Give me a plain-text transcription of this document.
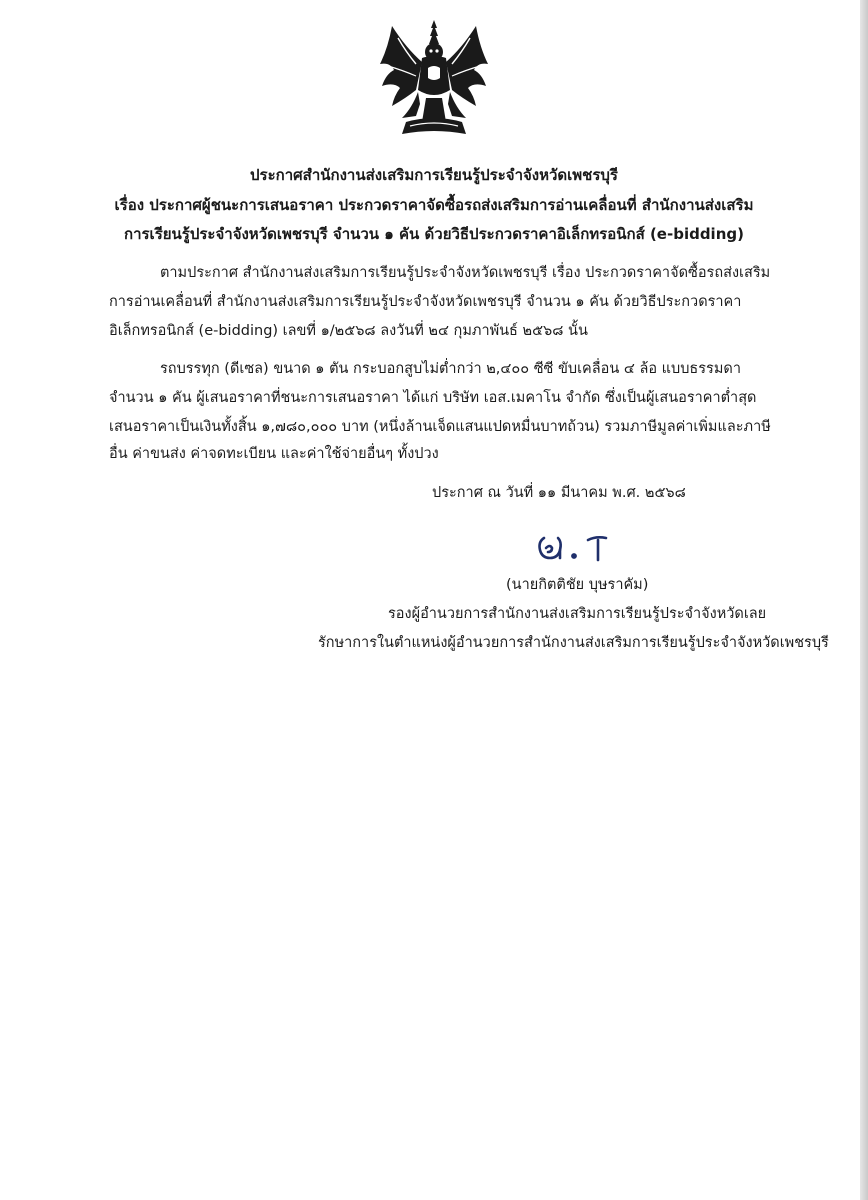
ประกาศสำนักงานส่งเสริมการเรียนรู้ประจำจังหวัดเพชรบุรี
เรื่อง ประกาศผู้ชนะการเสนอราคา ประกวดราคาจัดซื้อรถส่งเสริมการอ่านเคลื่อนที่ สำนักงานส่งเสริม
การเรียนรู้ประจำจังหวัดเพชรบุรี จำนวน ๑ คัน ด้วยวิธีประกวดราคาอิเล็กทรอนิกส์ (e-bidding)
ตามประกาศ สำนักงานส่งเสริมการเรียนรู้ประจำจังหวัดเพชรบุรี เรื่อง ประกวดราคาจัดซื้อรถส่งเสริม
การอ่านเคลื่อนที่ สำนักงานส่งเสริมการเรียนรู้ประจำจังหวัดเพชรบุรี จำนวน ๑ คัน ด้วยวิธีประกวดราคา
อิเล็กทรอนิกส์ (e-bidding) เลขที่ ๑/๒๕๖๘ ลงวันที่ ๒๔ กุมภาพันธ์ ๒๕๖๘ นั้น
รถบรรทุก (ดีเซล) ขนาด ๑ ตัน กระบอกสูบไม่ต่ำกว่า ๒,๔๐๐ ซีซี ขับเคลื่อน ๔ ล้อ แบบธรรมดา
จำนวน ๑ คัน ผู้เสนอราคาที่ชนะการเสนอราคา ได้แก่ บริษัท เอส.เมคาโน จำกัด ซึ่งเป็นผู้เสนอราคาต่ำสุด
เสนอราคาเป็นเงินทั้งสิ้น ๑,๗๘๐,๐๐๐ บาท (หนึ่งล้านเจ็ดแสนแปดหมื่นบาทถ้วน) รวมภาษีมูลค่าเพิ่มและภาษี
อื่น ค่าขนส่ง ค่าจดทะเบียน และค่าใช้จ่ายอื่นๆ ทั้งปวง
ประกาศ ณ วันที่ ๑๑ มีนาคม พ.ศ. ๒๕๖๘
(นายกิตติชัย บุษราคัม)
รองผู้อำนวยการสำนักงานส่งเสริมการเรียนรู้ประจำจังหวัดเลย
รักษาการในตำแหน่งผู้อำนวยการสำนักงานส่งเสริมการเรียนรู้ประจำจังหวัดเพชรบุรี
